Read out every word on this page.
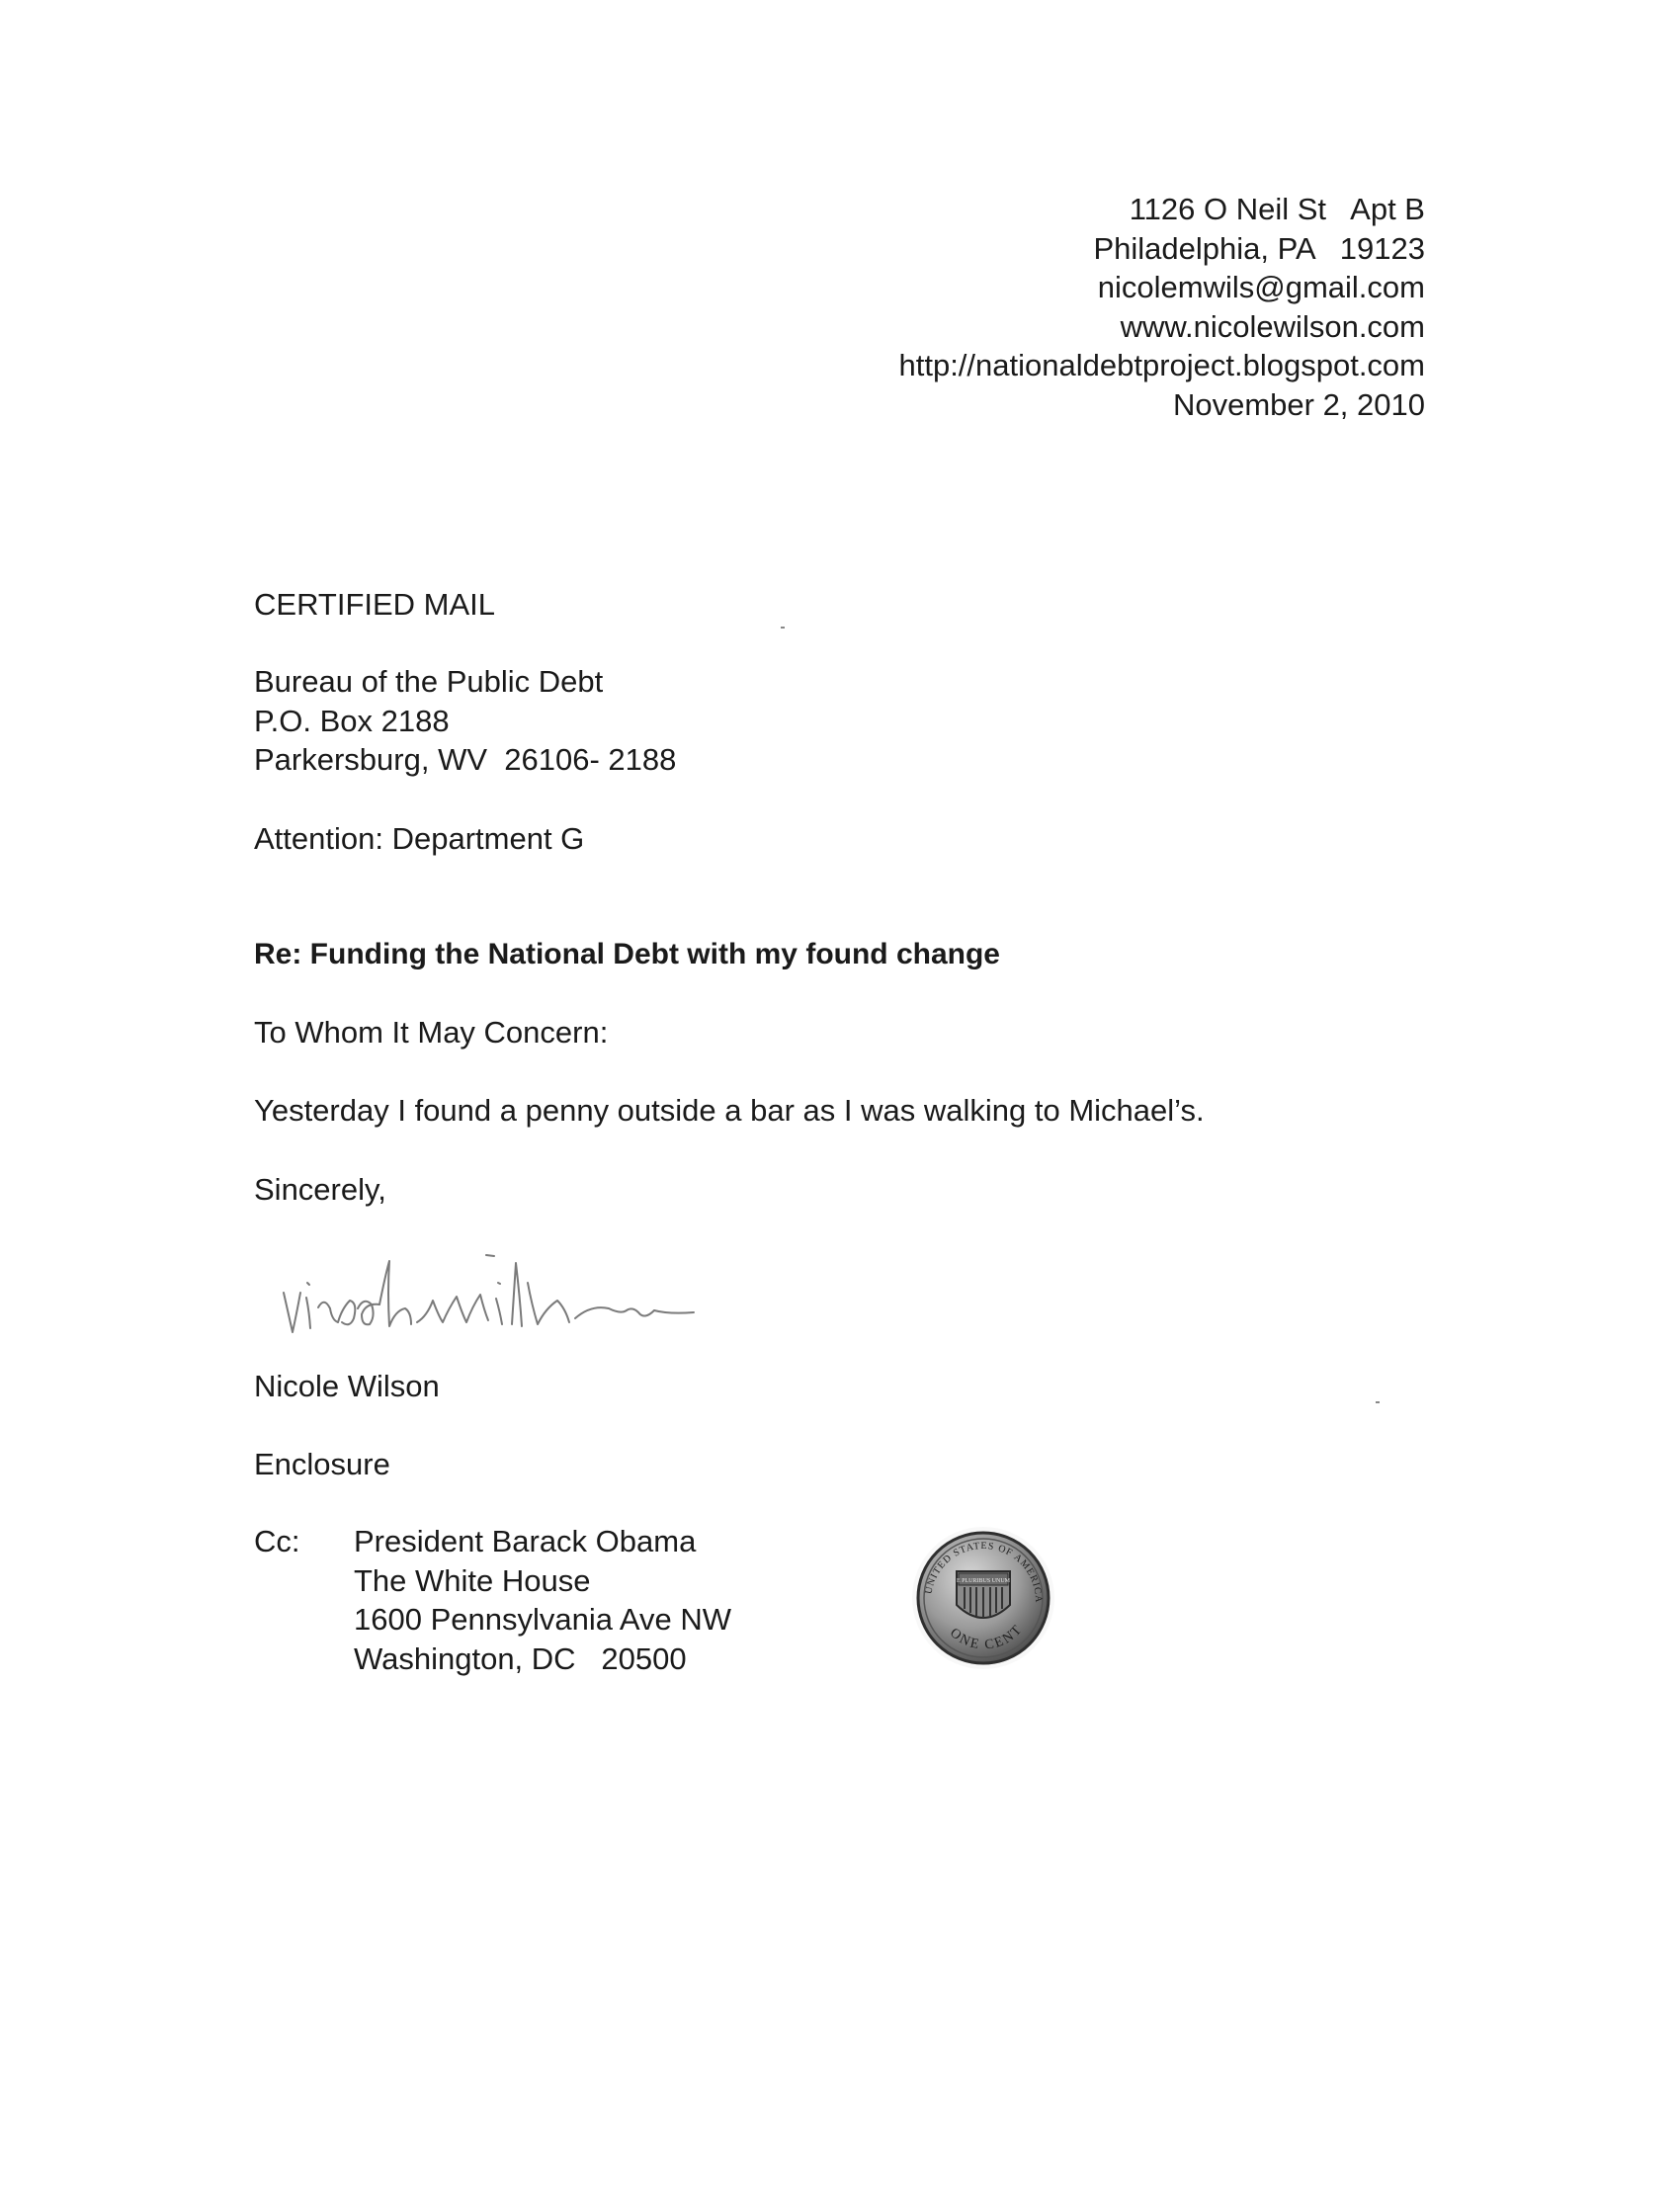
1126 O Neil St   Apt B
Philadelphia, PA   19123
nicolemwils@gmail.com
www.nicolewilson.com
http://nationaldebtproject.blogspot.com
November 2, 2010
CERTIFIED MAIL
Bureau of the Public Debt
P.O. Box 2188
Parkersburg, WV  26106- 2188
Attention: Department G
Re: Funding the National Debt with my found change
To Whom It May Concern:
Yesterday I found a penny outside a bar as I was walking to Michael’s.
Sincerely,
Nicole Wilson
Enclosure
Cc: President Barack Obama
The White House
1600 Pennsylvania Ave NW
Washington, DC   20500
UNITED STATES OF AMERICA
E PLURIBUS UNUM
ONE CENT
